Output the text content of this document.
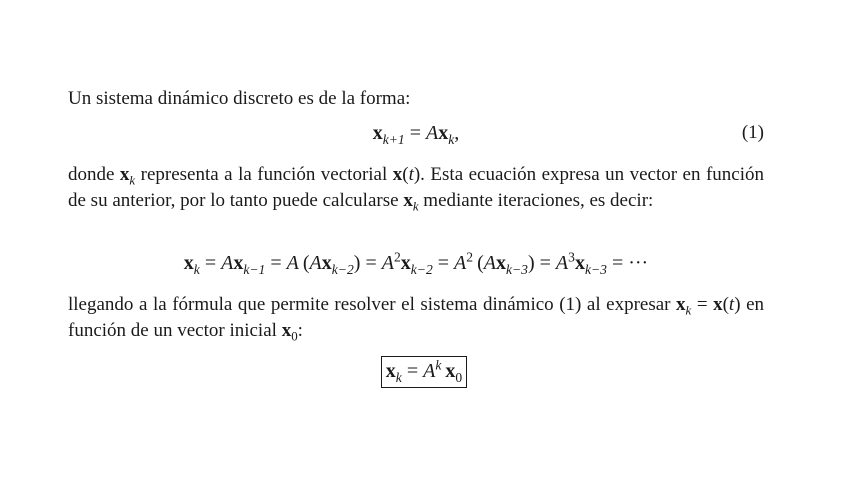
Un sistema dinámico discreto es de la forma:

$x_{k+1} = Ax_k$,	(1)

donde $x_k$ representa a la función vectorial x(t). Esta ecuación expresa un vector en función de su anterior, por lo tanto puede calcularse $x_k$ mediante iteraciones, es decir:

$x_k = Ax_{k-1} = A$  $(Ax_{k-2}) = A^2x_{k-2} = A^2$  $(Ax_{k-3}) = A^3x_{k-3}$ = ···

llegando a la fórmula que permite resolver el sistema dinámico (1) al expresar $x_k = x(t)$ en función de un vector inicial $x_0$:

$x_k = A^k$  $x_0$
